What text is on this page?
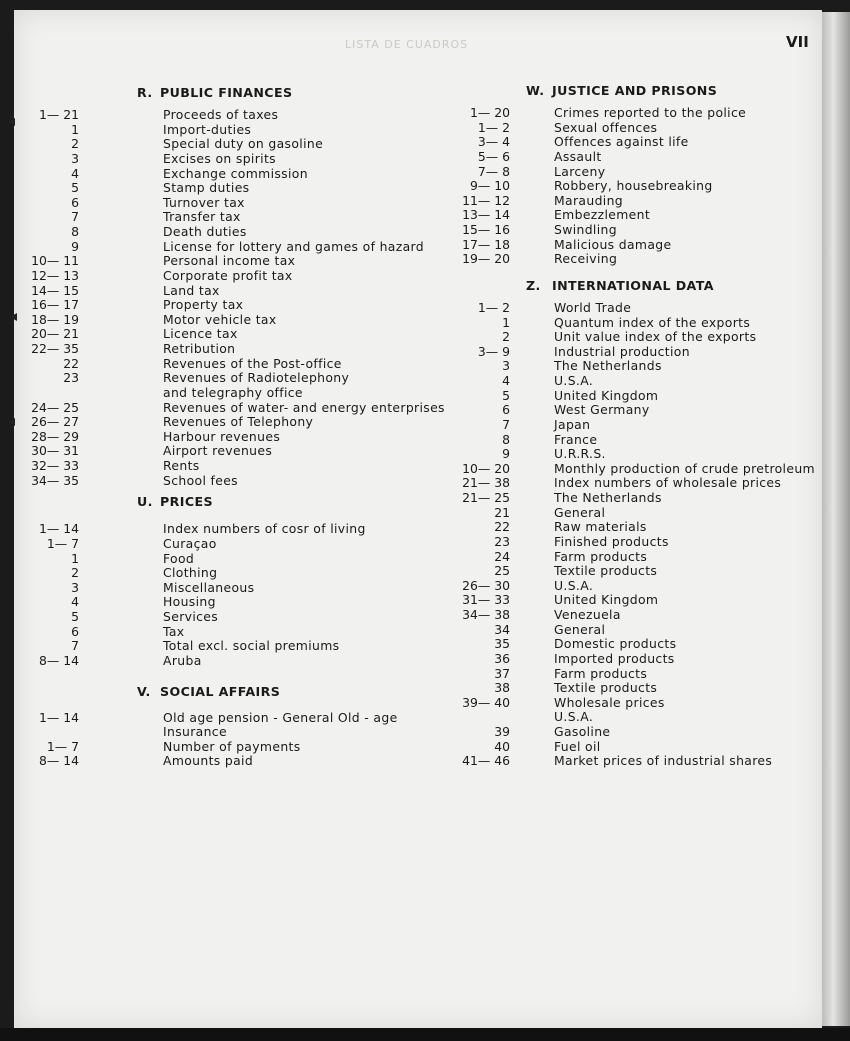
LISTA DE CUADROS	VII
R. PUBLIC FINANCES
1— 21	Proceeds of taxes
1	Import-duties
2	Special duty on gasoline
3	Excises on spirits
4	Exchange commission
5	Stamp duties
6	Turnover tax
7	Transfer tax
8	Death duties
9	License for lottery and games of hazard
10— 11	Personal income tax
12— 13	Corporate profit tax
14— 15	Land tax
16— 17	Property tax
18— 19	Motor vehicle tax
20— 21	Licence tax
22— 35	Retribution
22	Revenues of the Post-office
23	Revenues of Radiotelephony
and telegraphy office
24— 25	Revenues of water- and energy enterprises
26— 27	Revenues of Telephony
28— 29	Harbour revenues
30— 31	Airport revenues
32— 33	Rents
34— 35	School fees
U. PRICES
1— 14	Index numbers of cosr of living
1— 7	Curaçao
1	Food
2	Clothing
3	Miscellaneous
4	Housing
5	Services
6	Tax
7	Total excl. social premiums
8— 14	Aruba
V. SOCIAL AFFAIRS
1— 14	Old age pension - General Old - age
Insurance
1— 7	Number of payments
8— 14	Amounts paid
W. JUSTICE AND PRISONS
1— 20	Crimes reported to the police
1— 2	Sexual offences
3— 4	Offences against life
5— 6	Assault
7— 8	Larceny
9— 10	Robbery, housebreaking
11— 12	Marauding
13— 14	Embezzlement
15— 16	Swindling
17— 18	Malicious damage
19— 20	Receiving
Z. INTERNATIONAL DATA
1— 2	World Trade
1	Quantum index of the exports
2	Unit value index of the exports
3— 9	Industrial production
3	The Netherlands
4	U.S.A.
5	United Kingdom
6	West Germany
7	Japan
8	France
9	U.R.R.S.
10— 20	Monthly production of crude pretroleum
21— 38	Index numbers of wholesale prices
21— 25	The Netherlands
21	General
22	Raw materials
23	Finished products
24	Farm products
25	Textile products
26— 30	U.S.A.
31— 33	United Kingdom
34— 38	Venezuela
34	General
35	Domestic products
36	Imported products
37	Farm products
38	Textile products
39— 40	Wholesale prices
U.S.A.
39	Gasoline
40	Fuel oil
41— 46	Market prices of industrial shares
